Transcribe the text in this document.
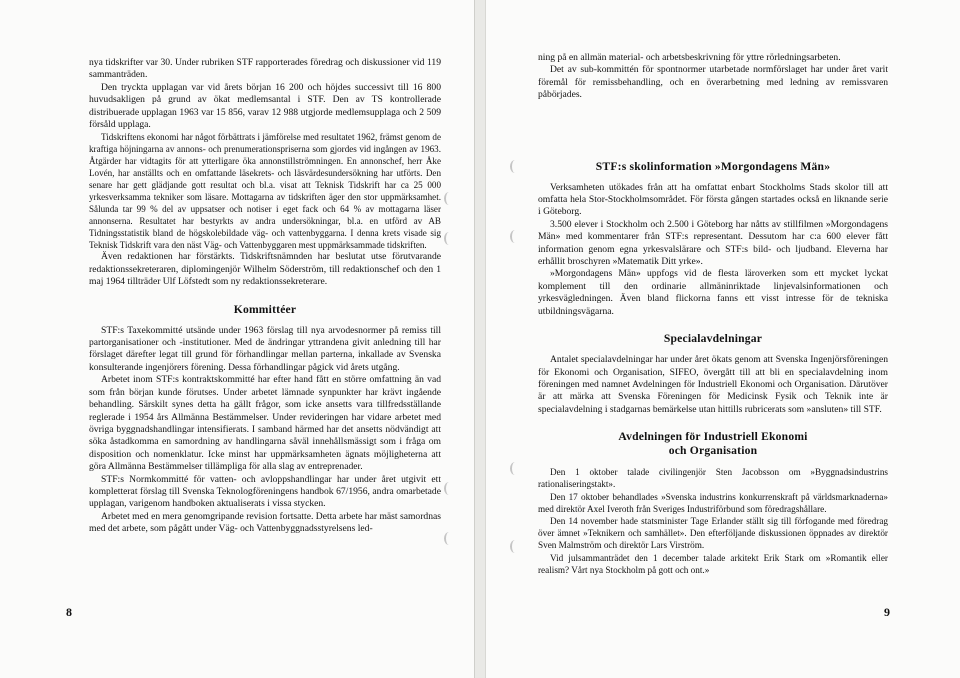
nya tidskrifter var 30. Under rubriken STF rapporterades föredrag och diskussioner vid 119 sammanträden.

Den tryckta upplagan var vid årets början 16 200 och höjdes successivt till 16 800 huvudsakligen på grund av ökat medlemsantal i STF. Den av TS kontrollerade distribuerade upplagan 1963 var 15 856, varav 12 988 utgjorde medlemsupplaga och 2 509 försåld upplaga.

Tidskriftens ekonomi har något förbättrats i jämförelse med resultatet 1962, främst genom de kraftiga höjningarna av annons- och prenumerationspriserna som gjordes vid ingången av 1963. Åtgärder har vidtagits för att ytterligare öka annonstillströmningen. En annonschef, herr Åke Lovén, har anställts och en omfattande läsekrets- och läsvärdesundersökning har utförts. Den senare har gett glädjande gott resultat och bl.a. visat att Teknisk Tidskrift har ca 25 000 yrkesverksamma tekniker som läsare. Mottagarna av tidskriften äger den stor uppmärksamhet. Sålunda tar 99 % del av uppsatser och notiser i eget fack och 64 % av mottagarna läser annonserna. Resultatet har bestyrkts av andra undersökningar, bl.a. en utförd av AB Tidningsstatistik bland de högskolebildade väg- och vattenbyggarna. I denna krets visade sig Teknisk Tidskrift vara den näst Väg- och Vattenbyggaren mest uppmärksammade tidskriften.

Även redaktionen har förstärkts. Tidskriftsnämnden har beslutat utse förutvarande redaktionssekreteraren, diplomingenjör Wilhelm Söderström, till redaktionschef och den 1 maj 1964 tillträder Ulf Löfstedt som ny redaktionssekreterare.

Kommittéer

STF:s Taxekommitté utsände under 1963 förslag till nya arvodesnormer på remiss till partorganisationer och -institutioner. Med de ändringar yttrandena givit anledning till har förslaget därefter legat till grund för förhandlingar mellan parterna, inkallade av Svenska konsulterande ingenjörers förening. Dessa förhandlingar pågick vid årets utgång.

Arbetet inom STF:s kontraktskommitté har efter hand fått en större omfattning än vad som från början kunde förutses. Under arbetet lämnade synpunkter har krävt ingående behandling. Särskilt synes detta ha gällt frågor, som icke ansetts vara tillfredsställande reglerade i 1954 års Allmänna Bestämmelser. Under revideringen har vidare arbetet med övriga byggnadshandlingar intensifierats. I samband härmed har det ansetts nödvändigt att söka åstadkomma en samordning av handlingarna såväl innehållsmässigt som i fråga om disposition och nomenklatur. Icke minst har uppmärksamheten ägnats möjligheterna att göra Allmänna Bestämmelser tillämpliga för alla slag av entreprenader.

STF:s Normkommitté för vatten- och avloppshandlingar har under året utgivit ett kompletterat förslag till Svenska Teknologföreningens handbok 67/1956, andra omarbetade upplagan, varigenom handboken aktualiserats i vissa stycken.

Arbetet med en mera genomgripande revision fortsatte. Detta arbete har mäst samordnas med det arbete, som pågått under Väg- och Vattenbyggnadsstyrelsens led-

8

ning på en allmän material- och arbetsbeskrivning för yttre rörledningsarbeten.

Det av sub-kommittén för spontnormer utarbetade normförslaget har under året varit föremål för remissbehandling, och en överarbetning med ledning av remissvaren påbörjades.

STF:s skolinformation »Morgondagens Män»

Verksamheten utökades från att ha omfattat enbart Stockholms Stads skolor till att omfatta hela Stor-Stockholmsområdet. För första gången startades också en liknande serie i Göteborg.

3.500 elever i Stockholm och 2.500 i Göteborg har nåtts av stillfilmen »Morgondagens Män» med kommentarer från STF:s representant. Dessutom har c:a 600 elever fått information genom egna yrkesvalslärare och STF:s bild- och ljudband. Eleverna har erhållit broschyren »Matematik Ditt yrke».

»Morgondagens Män» uppfogs vid de flesta läroverken som ett mycket lyckat komplement till den ordinarie allmäninriktade linjevalsinformationen och yrkesvägledningen. Även bland flickorna fanns ett visst intresse för de tekniska utbildningsvägarna.

Specialavdelningar

Antalet specialavdelningar har under året ökats genom att Svenska Ingenjörsföreningen för Ekonomi och Organisation, SIFEO, övergått till att bli en specialavdelning inom föreningen med namnet Avdelningen för Industriell Ekonomi och Organisation. Därutöver är att märka att Svenska Föreningen för Medicinsk Fysik och Teknik inte är specialavdelning i stadgarnas bemärkelse utan hittills rubricerats som »ansluten» till STF.

Avdelningen för Industriell Ekonomi
och Organisation

Den 1 oktober talade civilingenjör Sten Jacobsson om »Byggnadsindustrins rationaliseringstakt».

Den 17 oktober behandlades »Svenska industrins konkurrenskraft på världsmarknaderna» med direktör Axel Iveroth från Sveriges Industriförbund som föredragshållare.

Den 14 november hade statsminister Tage Erlander ställt sig till förfogande med föredrag över ämnet »Teknikern och samhället». Den efterföljande diskussionen öppnades av direktör Sven Malmström och direktör Lars Virström.

Vid julsammanträdet den 1 december talade arkitekt Erik Stark om »Romantik eller realism? Vårt nya Stockholm på gott och ont.»

9
